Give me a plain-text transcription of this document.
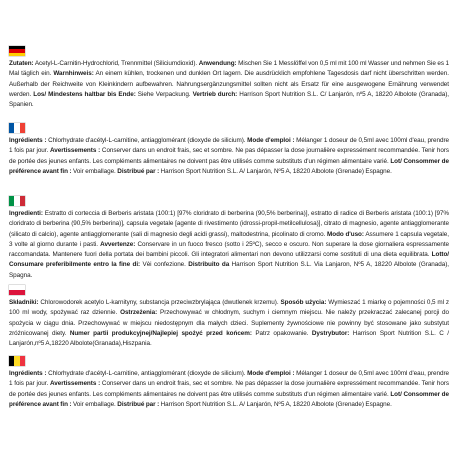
Zutaten: Acetyl-L-Carnitin-Hydrochlorid, Trennmittel (Siliciumdioxid). Anwendung: Mischen Sie 1 Messlöffel von 0,5 ml mit 100 ml Wasser und nehmen Sie es 1 Mal täglich ein. Warnhinweis: An einem kühlen, trockenen und dunklen Ort lagern. Die ausdrücklich empfohlene Tagesdosis darf nicht überschritten werden. Außerhalb der Reichweite von Kleinkindern aufbewahren. Nahrungsergänzungsmittel sollten nicht als Ersatz für eine ausgewogene Ernährung verwendet werden. Los/ Mindestens haltbar bis Ende: Siehe Verpackung. Vertrieb durch: Harrison Sport Nutrition S.L. C/ Lanjarón, nº5 A, 18220 Albolote (Granada), Spanien.
Ingrédients : Chlorhydrate d'acétyl-L-carnitine, antiagglomérant (dioxyde de silicium). Mode d'emploi : Mélanger 1 doseur de 0,5ml avec 100ml d'eau, prendre 1 fois par jour. Avertissements : Conserver dans un endroit frais, sec et sombre. Ne pas dépasser la dose journalière expressément recommandée. Tenir hors de portée des jeunes enfants. Les compléments alimentaires ne doivent pas être utilisés comme substituts d'un régimen alimentaire varié. Lot/ Consommer de préférence avant fin : Voir emballage. Distribué par : Harrison Sport Nutrition S.L. A/ Lanjarón, Nº5 A, 18220 Albolote (Grenade) Espagne.
Ingredienti: Estratto di corteccia di Berberis aristata (100:1) [97% cloridrato di berberina (90,5% berberina)], estratto di radice di Berberis aristata (100:1) [97% cloridrato di berberina (90,5% berberina)], capsula vegetale [agente di rivestimento (idrossi-propil-metilcellulosa)], citrato di magnesio, agente antiagglomerante (silicato di calcio), agente antiagglomerante (sali di magnesio degli acidi grassi), maltodestrina, picolinato di cromo. Modo d'uso: Assumere 1 capsula vegetale, 3 volte al giorno durante i pasti. Avvertenze: Conservare in un fuoco fresco (sotto i 25ºC), secco e oscuro. Non superare la dose giornaliera espressamente raccomandata. Mantenere fuori della portata dei bambini piccoli. Gli integratori alimentari non devono utilizzarsi come sostituti di una dieta equilibrata. Lotto/ Consumare preferibilmente entro la fine di: Vèi confezione. Distribuito da Harrison Sport Nutrition S.L. Via Lanjaron, Nº5 A, 18220 Albolote (Granada), Spagna.
Składniki: Chlorowodorek acetylo L-karnityny, substancja przeciwzbrylająca (dwutlenek krzemu). Sposób użycia: Wymieszać 1 miarkę o pojemności 0,5 ml z 100 ml wody, spożywać raz dziennie. Ostrzeżenia: Przechowywać w chłodnym, suchym i ciemnym miejscu. Nie należy przekraczać zalecanej porcji do spożycia w ciągu dnia. Przechowywać w miejscu niedostępnym dla małych dzieci. Suplementy żywnościowe nie powinny być stosowane jako substytut zróżnicowanej diety. Numer partii produkcyjnej/Najlepiej spożyć przed końcem: Patrz opakowanie. Dystrybutor: Harrison Sport Nutrition S.L. C / Lanjarón,nº5 A,18220 Albolote(Granada),Hiszpania.
Ingrédients : Chlorhydrate d'acétyl-L-carnitine, antiagglomérant (dioxyde de silicium). Mode d'emploi : Mélanger 1 doseur de 0,5ml avec 100ml d'eau, prendre 1 fois par jour. Avertissements : Conserver dans un endroit frais, sec et sombre. Ne pas dépasser la dose journalière expressément recommandée. Tenir hors de portée des jeunes enfants. Les compléments alimentaires ne doivent pas être utilisés comme substituts d'un régimen alimentaire varié. Lot/ Consommer de préférence avant fin : Voir emballage. Distribué par : Harrison Sport Nutrition S.L. A/ Lanjarón, Nº5 A, 18220 Albolote (Grenade) Espagne.
